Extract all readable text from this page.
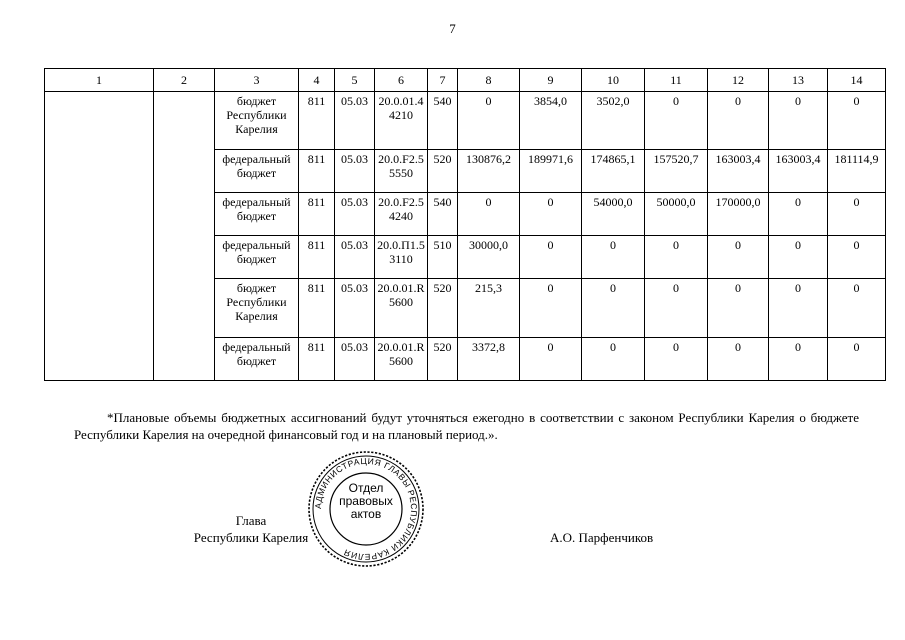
7
1	2	3	4	5	6	7	8	9	10	11	12	13	14
		бюджет Республики Карелия	811	05.03	20.0.01.44210	540	0	3854,0	3502,0	0	0	0	0
		федеральный бюджет	811	05.03	20.0.F2.55550	520	130876,2	189971,6	174865,1	157520,7	163003,4	163003,4	181114,9
		федеральный бюджет	811	05.03	20.0.F2.54240	540	0	0	54000,0	50000,0	170000,0	0	0
		федеральный бюджет	811	05.03	20.0.П1.53110	510	30000,0	0	0	0	0	0	0
		бюджет Республики Карелия	811	05.03	20.0.01.R5600	520	215,3	0	0	0	0	0	0
		федеральный бюджет	811	05.03	20.0.01.R5600	520	3372,8	0	0	0	0	0	0
*Плановые объемы бюджетных ассигнований будут уточняться ежегодно в соответствии с законом Республики Карелия о бюджете Республики Карелия на очередной финансовый год и на плановый период.».
Глава
Республики Карелия
АДМИНИСТРАЦИЯ ГЛАВЫ РЕСПУБЛИКИ КАРЕЛИЯ
Отдел
правовых
актов
А.О. Парфенчиков
